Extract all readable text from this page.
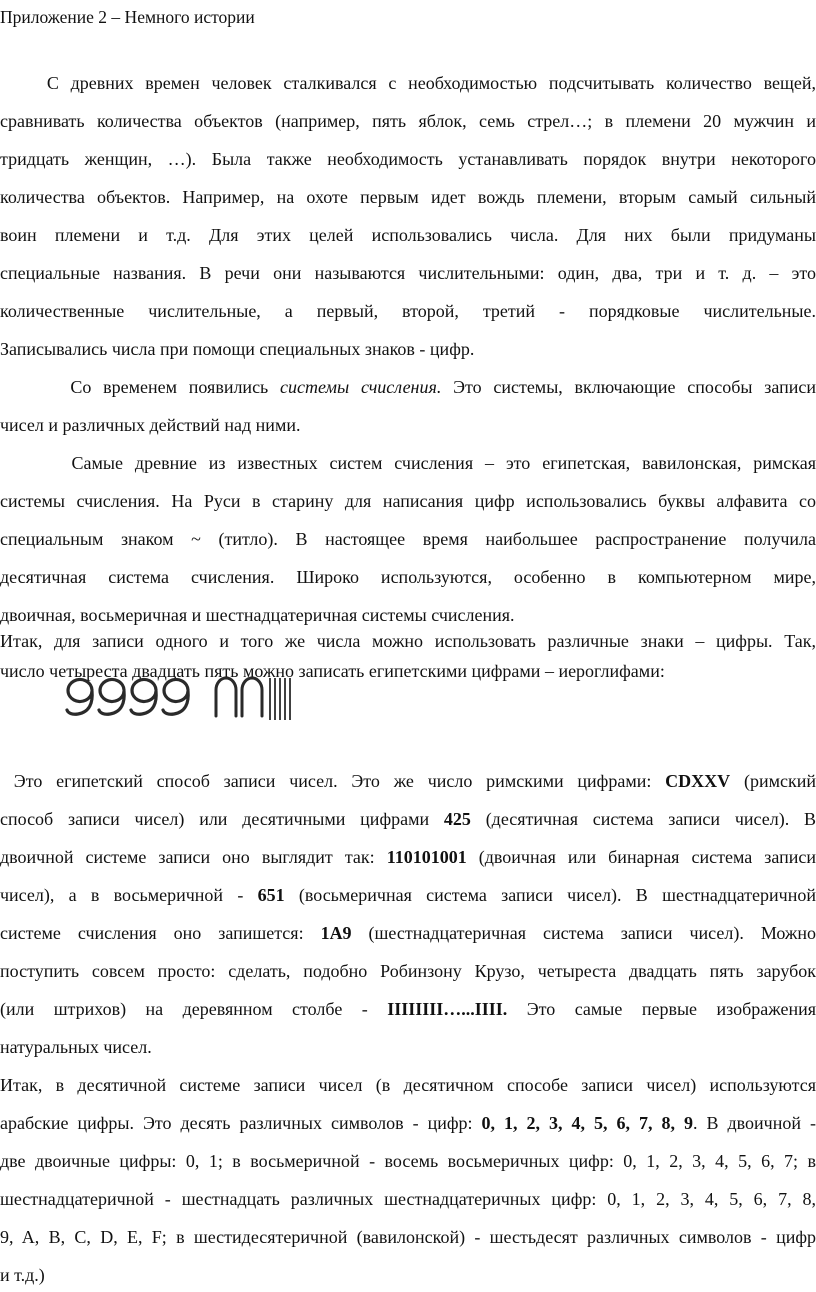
Приложение 2 – Немного истории
С древних времен человек сталкивался с необходимостью подсчитывать количество вещей,
сравнивать количества объектов (например, пять яблок, семь стрел…; в племени 20 мужчин и
тридцать женщин, …). Была также необходимость устанавливать порядок внутри некоторого
количества объектов. Например, на охоте первым идет вождь племени, вторым самый сильный
воин племени и т.д. Для этих целей использовались числа. Для них были придуманы
специальные названия. В речи они называются числительными: один, два, три и т. д. – это
количественные числительные, а первый, второй, третий - порядковые числительные.
Записывались числа при помощи специальных знаков - цифр.
Со временем появились системы счисления. Это системы, включающие способы записи
чисел и различных действий над ними.
Самые древние из известных систем счисления – это египетская, вавилонская, римская
системы счисления. На Руси в старину для написания цифр использовались буквы алфавита со
специальным знаком ~ (титло). В настоящее время наибольшее распространение получила
десятичная система счисления. Широко используются, особенно в компьютерном мире,
двоичная, восьмеричная и шестнадцатеричная системы счисления.
Итак, для записи одного и того же числа можно использовать различные знаки – цифры. Так,
число четыреста двадцать пять можно записать египетскими цифрами – иероглифами:
Это египетский способ записи чисел. Это же число римскими цифрами: CDXXV (римский
способ записи чисел) или десятичными цифрами 425 (десятичная система записи чисел). В
двоичной системе записи оно выглядит так: 110101001 (двоичная или бинарная система записи
чисел), а в восьмеричной - 651 (восьмеричная система записи чисел). В шестнадцатеричной
системе счисления оно запишется: 1A9 (шестнадцатеричная система записи чисел). Можно
поступить совсем просто: сделать, подобно Робинзону Крузо, четыреста двадцать пять зарубок
(или штрихов) на деревянном столбе - IIIIIIII…...IIII. Это самые первые изображения
натуральных чисел.
Итак, в десятичной системе записи чисел (в десятичном способе записи чисел) используются
арабские цифры. Это десять различных символов - цифр: 0, 1, 2, 3, 4, 5, 6, 7, 8, 9. В двоичной -
две двоичные цифры: 0, 1; в восьмеричной - восемь восьмеричных цифр: 0, 1, 2, 3, 4, 5, 6, 7; в
шестнадцатеричной - шестнадцать различных шестнадцатеричных цифр: 0, 1, 2, 3, 4, 5, 6, 7, 8,
9, A, B, C, D, E, F; в шестидесятеричной (вавилонской) - шестьдесят различных символов - цифр
и т.д.)
